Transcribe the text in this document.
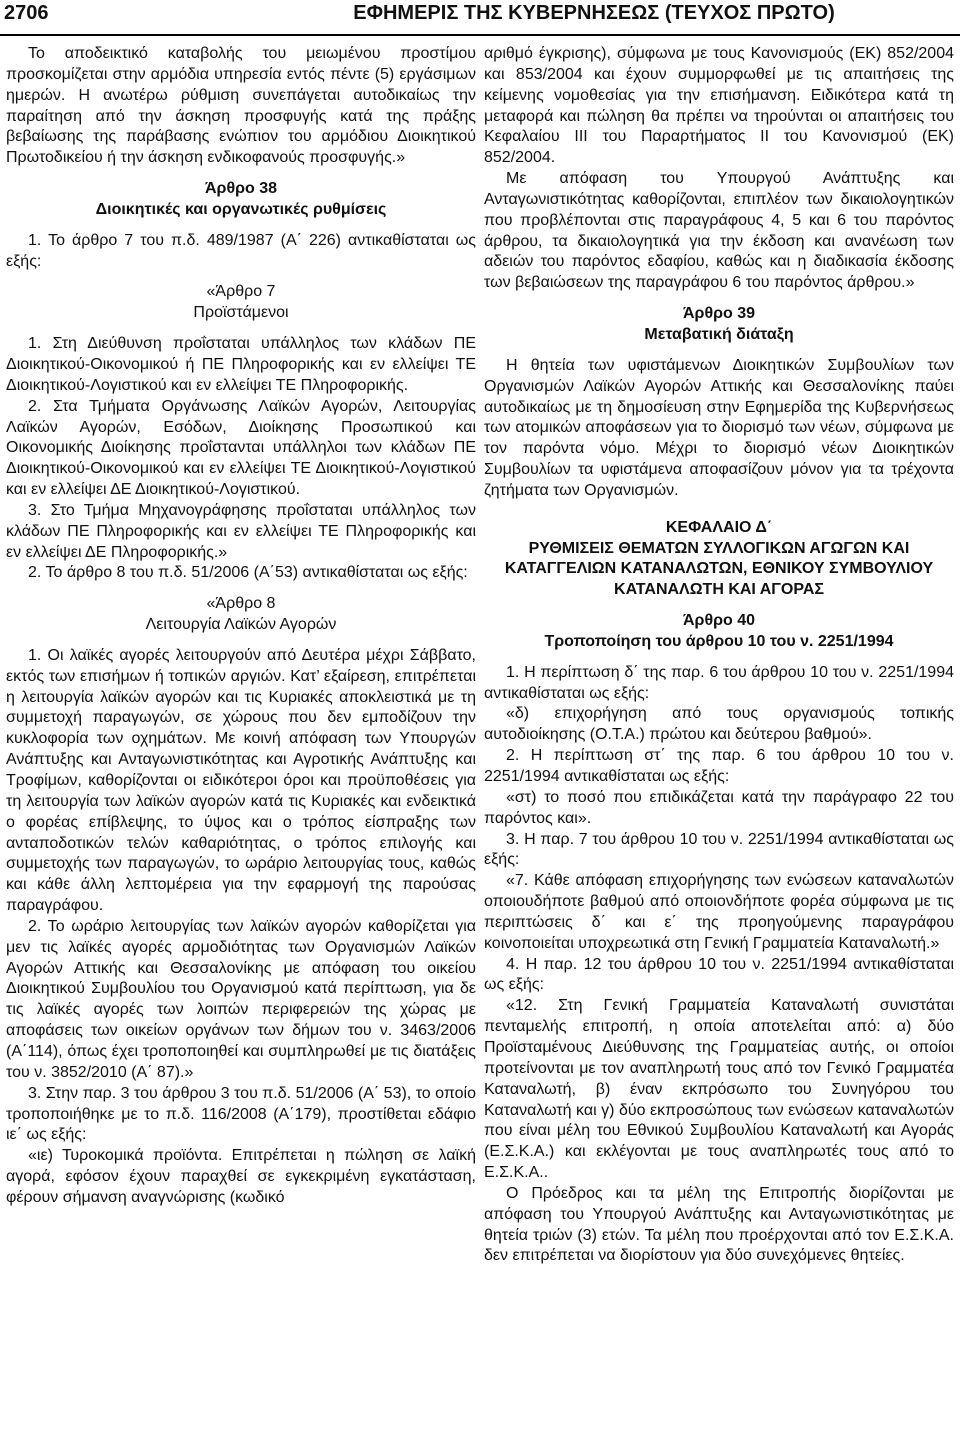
2706	ΕΦΗΜΕΡΙΣ ΤΗΣ ΚΥΒΕΡΝΗΣΕΩΣ (ΤΕΥΧΟΣ ΠΡΩΤΟ)

Το αποδεικτικό καταβολής του μειωμένου προστίμου προσκομίζεται στην αρμόδια υπηρεσία εντός πέντε (5) εργάσιμων ημερών. Η ανωτέρω ρύθμιση συνεπάγεται αυτοδικαίως την παραίτηση από την άσκηση προσφυγής κατά της πράξης βεβαίωσης της παράβασης ενώπιον του αρμόδιου Διοικητικού Πρωτοδικείου ή την άσκηση ενδικοφανούς προσφυγής.»

Άρθρο 38

Διοικητικές και οργανωτικές ρυθμίσεις

1. Το άρθρο 7 του π.δ. 489/1987 (Α΄ 226) αντικαθίσταται ως εξής:

«Άρθρο 7

Προϊστάμενοι

1. Στη Διεύθυνση προΐσταται υπάλληλος των κλάδων ΠΕ Διοικητικού-Οικονομικού ή ΠΕ Πληροφορικής και εν ελλείψει ΤΕ Διοικητικού-Λογιστικού και εν ελλείψει ΤΕ Πληροφορικής.

2. Στα Τμήματα Οργάνωσης Λαϊκών Αγορών, Λειτουργίας Λαϊκών Αγορών, Εσόδων, Διοίκησης Προσωπικού και Οικονομικής Διοίκησης προΐστανται υπάλληλοι των κλάδων ΠΕ Διοικητικού-Οικονομικού και εν ελλείψει ΤΕ Διοικητικού-Λογιστικού και εν ελλείψει ΔΕ Διοικητικού-Λογιστικού.

3. Στο Τμήμα Μηχανογράφησης προΐσταται υπάλληλος των κλάδων ΠΕ Πληροφορικής και εν ελλείψει ΤΕ Πληροφορικής και εν ελλείψει ΔΕ Πληροφορικής.»

2. Το άρθρο 8 του π.δ. 51/2006 (Α΄53) αντικαθίσταται ως εξής:

«Άρθρο 8

Λειτουργία Λαϊκών Αγορών

1. Οι λαϊκές αγορές λειτουργούν από Δευτέρα μέχρι Σάββατο, εκτός των επισήμων ή τοπικών αργιών. Κατ’ εξαίρεση, επιτρέπεται η λειτουργία λαϊκών αγορών και τις Κυριακές αποκλειστικά με τη συμμετοχή παραγωγών, σε χώρους που δεν εμποδίζουν την κυκλοφορία των οχημάτων. Με κοινή απόφαση των Υπουργών Ανάπτυξης και Ανταγωνιστικότητας και Αγροτικής Ανάπτυξης και Τροφίμων, καθορίζονται οι ειδικότεροι όροι και προϋποθέσεις για τη λειτουργία των λαϊκών αγορών κατά τις Κυριακές και ενδεικτικά ο φορέας επίβλεψης, το ύψος και ο τρόπος είσπραξης των ανταποδοτικών τελών καθαριότητας, ο τρόπος επιλογής και συμμετοχής των παραγωγών, το ωράριο λειτουργίας τους, καθώς και κάθε άλλη λεπτομέρεια για την εφαρμογή της παρούσας παραγράφου.

2. Το ωράριο λειτουργίας των λαϊκών αγορών καθορίζεται για μεν τις λαϊκές αγορές αρμοδιότητας των Οργανισμών Λαϊκών Αγορών Αττικής και Θεσσαλονίκης με απόφαση του οικείου Διοικητικού Συμβουλίου του Οργανισμού κατά περίπτωση, για δε τις λαϊκές αγορές των λοιπών περιφερειών της χώρας με αποφάσεις των οικείων οργάνων των δήμων του ν. 3463/2006 (Α΄114), όπως έχει τροποποιηθεί και συμπληρωθεί με τις διατάξεις του ν. 3852/2010 (Α΄ 87).»

3. Στην παρ. 3 του άρθρου 3 του π.δ. 51/2006 (Α΄ 53), το οποίο τροποποιήθηκε με το π.δ. 116/2008 (Α΄179), προστίθεται εδάφιο ιε΄ ως εξής:

«ιε) Τυροκομικά προϊόντα. Επιτρέπεται η πώληση σε λαϊκή αγορά, εφόσον έχουν παραχθεί σε εγκεκριμένη εγκατάσταση, φέρουν σήμανση αναγνώρισης (κωδικό

αριθμό έγκρισης), σύμφωνα με τους Κανονισμούς (ΕΚ) 852/2004 και 853/2004 και έχουν συμμορφωθεί με τις απαιτήσεις της κείμενης νομοθεσίας για την επισήμανση. Ειδικότερα κατά τη μεταφορά και πώληση θα πρέπει να τηρούνται οι απαιτήσεις του Κεφαλαίου ΙΙΙ του Παραρτήματος ΙΙ του Κανονισμού (ΕΚ) 852/2004.

Με απόφαση του Υπουργού Ανάπτυξης και Ανταγωνιστικότητας καθορίζονται, επιπλέον των δικαιολογητικών που προβλέπονται στις παραγράφους 4, 5 και 6 του παρόντος άρθρου, τα δικαιολογητικά για την έκδοση και ανανέωση των αδειών του παρόντος εδαφίου, καθώς και η διαδικασία έκδοσης των βεβαιώσεων της παραγράφου 6 του παρόντος άρθρου.»

Άρθρο 39

Μεταβατική διάταξη

Η θητεία των υφιστάμενων Διοικητικών Συμβουλίων των Οργανισμών Λαϊκών Αγορών Αττικής και Θεσσαλονίκης παύει αυτοδικαίως με τη δημοσίευση στην Εφημερίδα της Κυβερνήσεως των ατομικών αποφάσεων για το διορισμό των νέων, σύμφωνα με τον παρόντα νόμο. Μέχρι το διορισμό νέων Διοικητικών Συμβουλίων τα υφιστάμενα αποφασίζουν μόνον για τα τρέχοντα ζητήματα των Οργανισμών.

ΚΕΦΑΛΑΙΟ Δ΄

ΡΥΘΜΙΣΕΙΣ ΘΕΜΑΤΩΝ ΣΥΛΛΟΓΙΚΩΝ ΑΓΩΓΩΝ ΚΑΙ ΚΑΤΑΓΓΕΛΙΩΝ ΚΑΤΑΝΑΛΩΤΩΝ, ΕΘΝΙΚΟΥ ΣΥΜΒΟΥΛΙΟΥ ΚΑΤΑΝΑΛΩΤΗ ΚΑΙ ΑΓΟΡΑΣ

Άρθρο 40

Τροποποίηση του άρθρου 10 του ν. 2251/1994

1. Η περίπτωση δ΄ της παρ. 6 του άρθρου 10 του ν. 2251/1994 αντικαθίσταται ως εξής:

«δ) επιχορήγηση από τους οργανισμούς τοπικής αυτοδιοίκησης (Ο.Τ.Α.) πρώτου και δεύτερου βαθμού».

2. Η περίπτωση στ΄ της παρ. 6 του άρθρου 10 του ν. 2251/1994 αντικαθίσταται ως εξής:

«στ) το ποσό που επιδικάζεται κατά την παράγραφο 22 του παρόντος και».

3. Η παρ. 7 του άρθρου 10 του ν. 2251/1994 αντικαθίσταται ως εξής:

«7. Κάθε απόφαση επιχορήγησης των ενώσεων καταναλωτών οποιουδήποτε βαθμού από οποιονδήποτε φορέα σύμφωνα με τις περιπτώσεις δ΄ και ε΄ της προηγούμενης παραγράφου κοινοποιείται υποχρεωτικά στη Γενική Γραμματεία Καταναλωτή.»

4. Η παρ. 12 του άρθρου 10 του ν. 2251/1994 αντικαθίσταται ως εξής:

«12. Στη Γενική Γραμματεία Καταναλωτή συνιστάται πενταμελής επιτροπή, η οποία αποτελείται από: α) δύο Προϊσταμένους Διεύθυνσης της Γραμματείας αυτής, οι οποίοι προτείνονται με τον αναπληρωτή τους από τον Γενικό Γραμματέα Καταναλωτή, β) έναν εκπρόσωπο του Συνηγόρου του Καταναλωτή και γ) δύο εκπροσώπους των ενώσεων καταναλωτών που είναι μέλη του Εθνικού Συμβουλίου Καταναλωτή και Αγοράς (Ε.Σ.Κ.Α.) και εκλέγονται με τους αναπληρωτές τους από το Ε.Σ.Κ.Α..

Ο Πρόεδρος και τα μέλη της Επιτροπής διορίζονται με απόφαση του Υπουργού Ανάπτυξης και Ανταγωνιστικότητας με θητεία τριών (3) ετών. Τα μέλη που προέρχονται από τον Ε.Σ.Κ.Α. δεν επιτρέπεται να διορίστουν για δύο συνεχόμενες θητείες.
